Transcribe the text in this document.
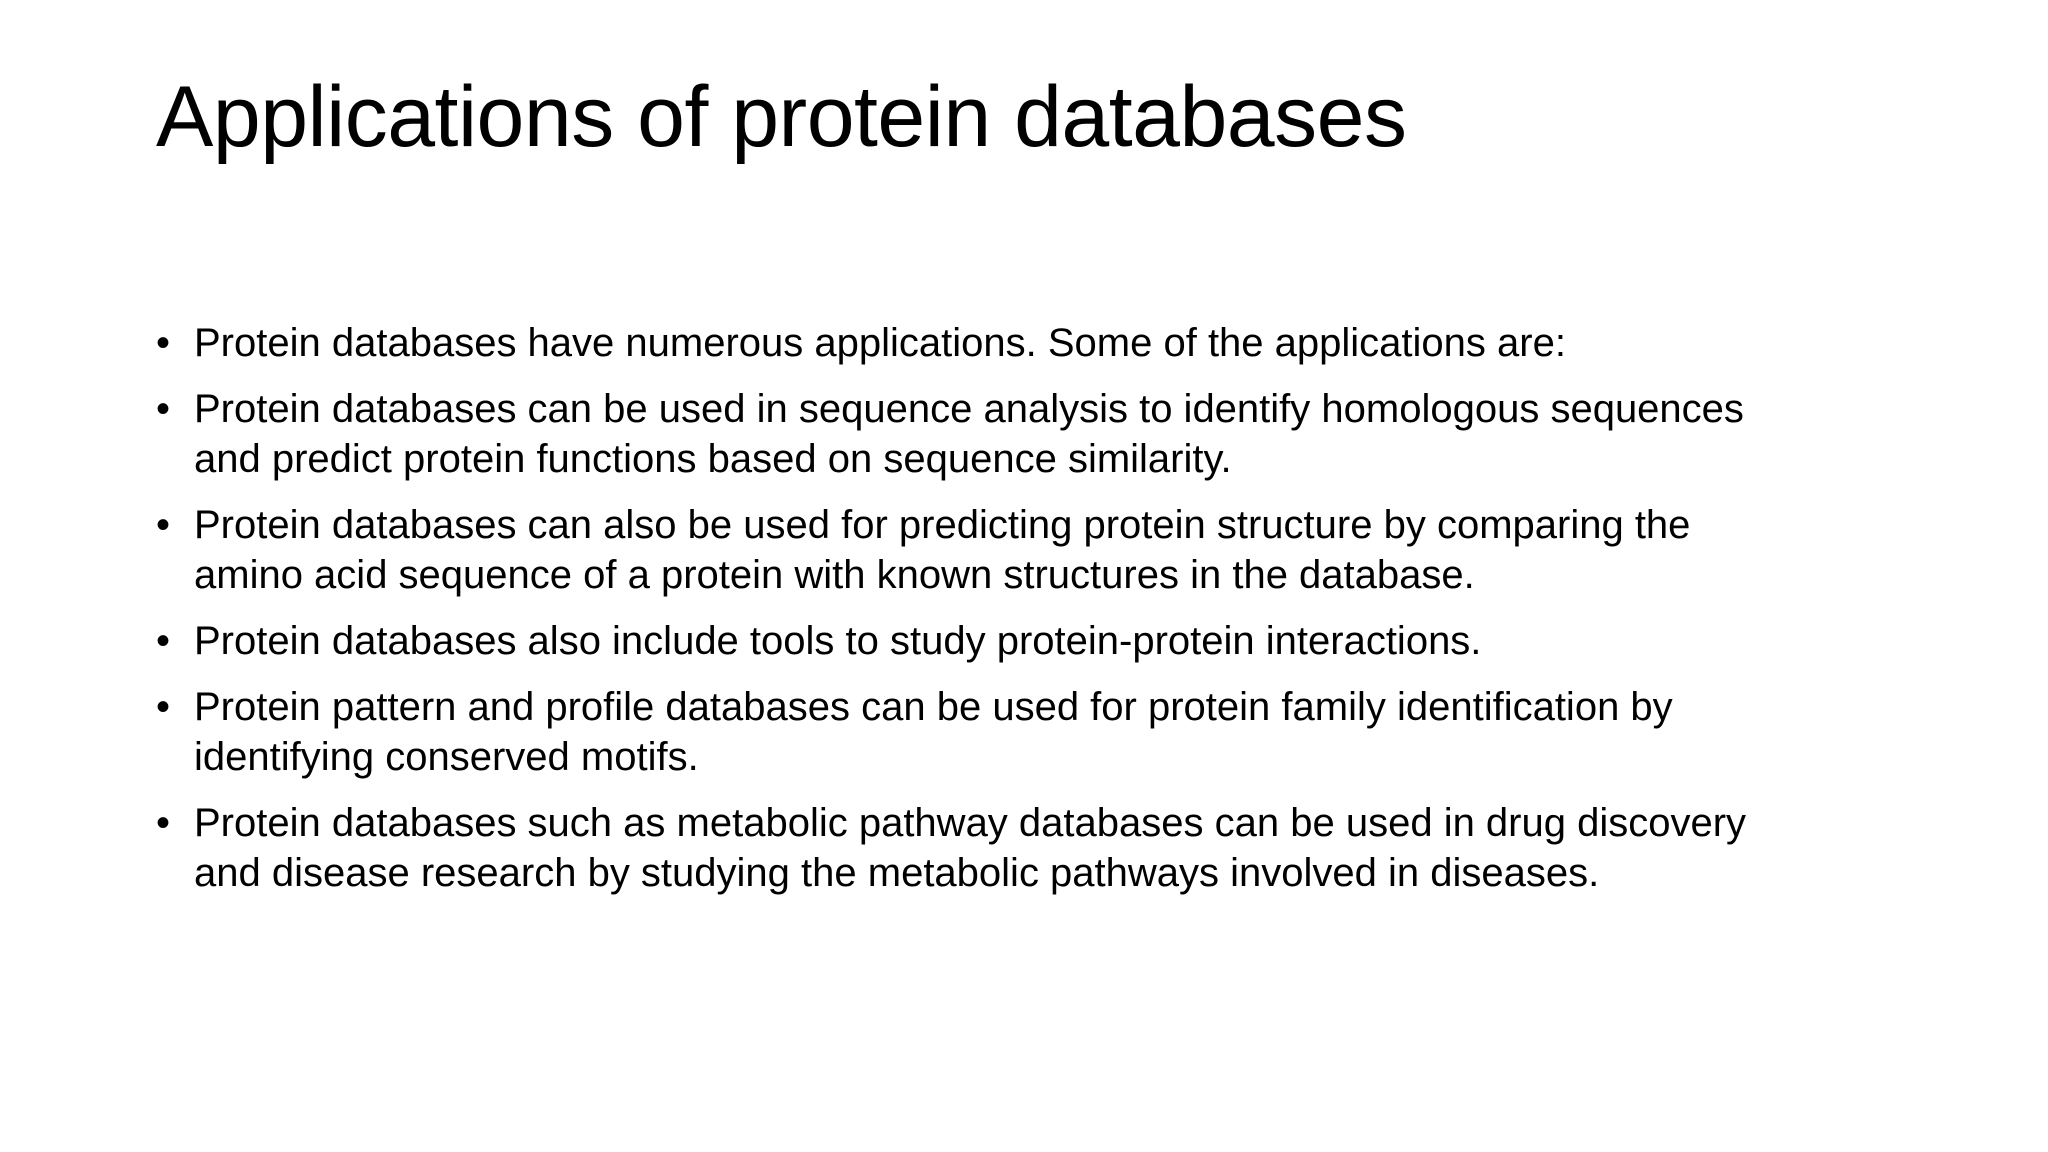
Applications of protein databases
• Protein databases have numerous applications. Some of the applications are:
• Protein databases can be used in sequence analysis to identify homologous sequences
and predict protein functions based on sequence similarity.
• Protein databases can also be used for predicting protein structure by comparing the
amino acid sequence of a protein with known structures in the database.
• Protein databases also include tools to study protein-protein interactions.
• Protein pattern and profile databases can be used for protein family identification by
identifying conserved motifs.
• Protein databases such as metabolic pathway databases can be used in drug discovery
and disease research by studying the metabolic pathways involved in diseases.
